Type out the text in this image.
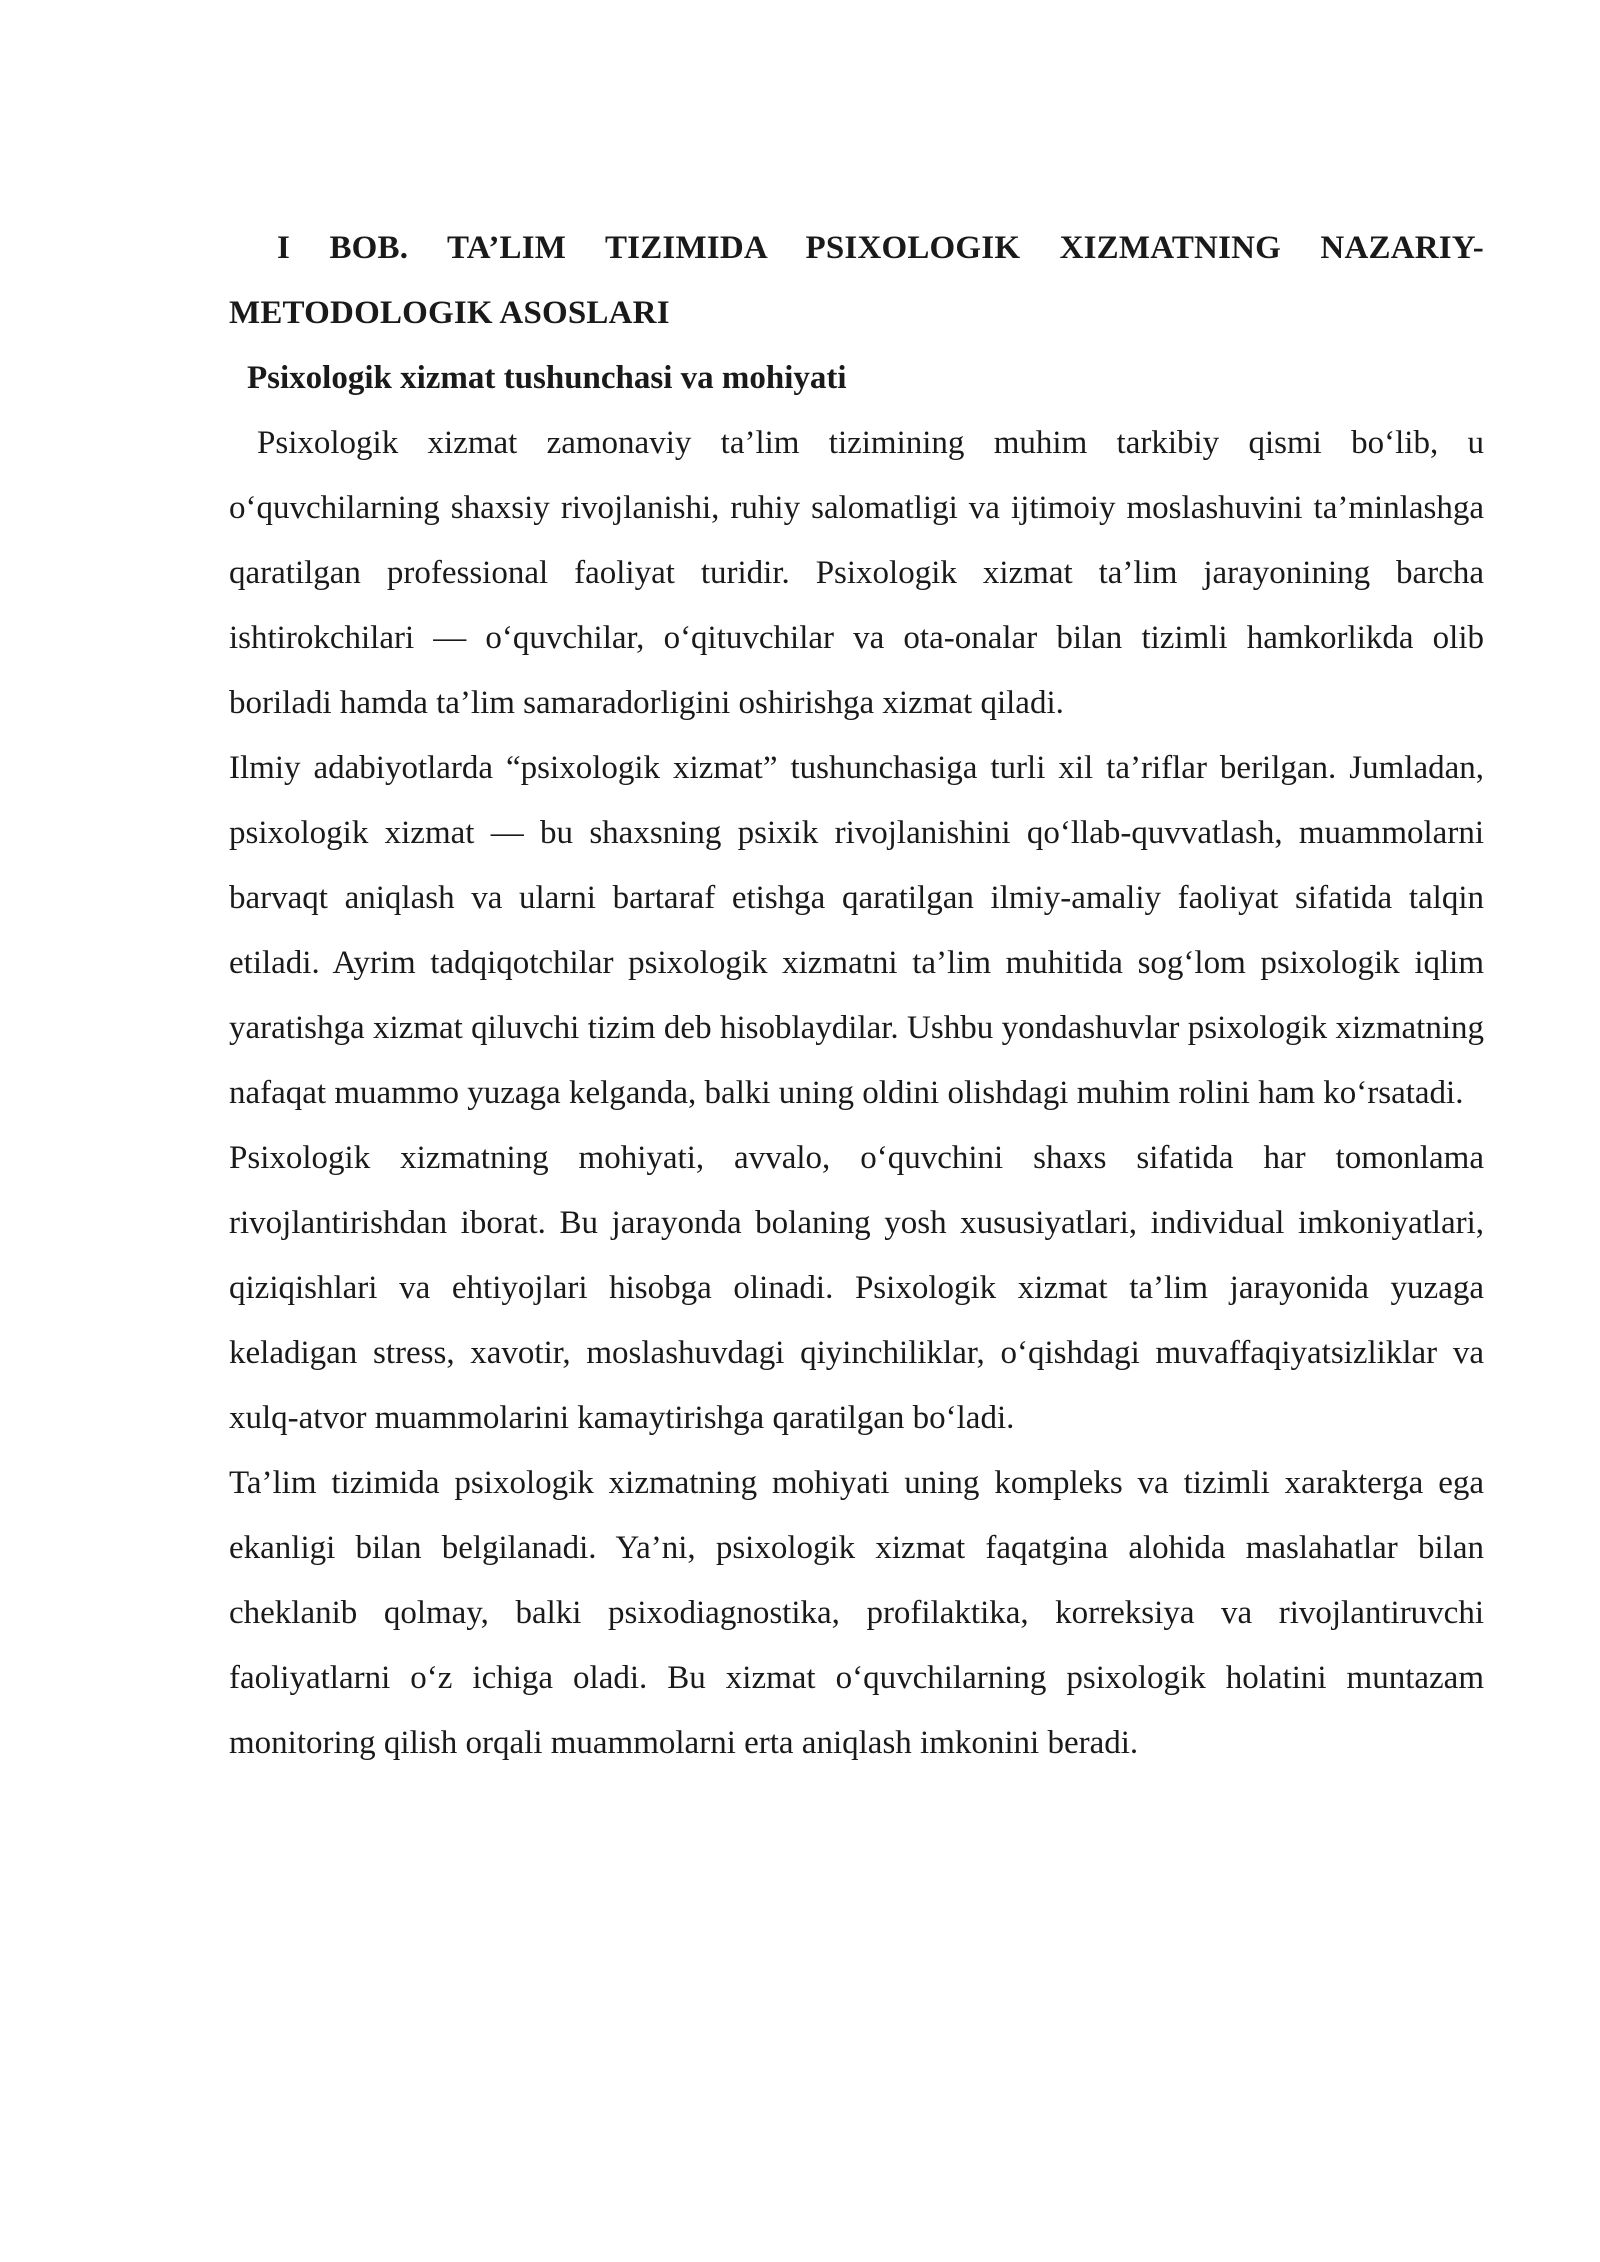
I BOB. TA’LIM TIZIMIDA PSIXOLOGIK XIZMATNING NAZARIY-METODOLOGIK ASOSLARI
Psixologik xizmat tushunchasi va mohiyati

Psixologik xizmat zamonaviy ta’lim tizimining muhim tarkibiy qismi bo‘lib, u o‘quvchilarning shaxsiy rivojlanishi, ruhiy salomatligi va ijtimoiy moslashuvini ta’minlashga qaratilgan professional faoliyat turidir. Psixologik xizmat ta’lim jarayonining barcha ishtirokchilari — o‘quvchilar, o‘qituvchilar va ota-onalar bilan tizimli hamkorlikda olib boriladi hamda ta’lim samaradorligini oshirishga xizmat qiladi.

Ilmiy adabiyotlarda “psixologik xizmat” tushunchasiga turli xil ta’riflar berilgan. Jumladan, psixologik xizmat — bu shaxsning psixik rivojlanishini qo‘llab-quvvatlash, muammolarni barvaqt aniqlash va ularni bartaraf etishga qaratilgan ilmiy-amaliy faoliyat sifatida talqin etiladi. Ayrim tadqiqotchilar psixologik xizmatni ta’lim muhitida sog‘lom psixologik iqlim yaratishga xizmat qiluvchi tizim deb hisoblaydilar. Ushbu yondashuvlar psixologik xizmatning nafaqat muammo yuzaga kelganda, balki uning oldini olishdagi muhim rolini ham ko‘rsatadi.

Psixologik xizmatning mohiyati, avvalo, o‘quvchini shaxs sifatida har tomonlama rivojlantirishdan iborat. Bu jarayonda bolaning yosh xususiyatlari, individual imkoniyatlari, qiziqishlari va ehtiyojlari hisobga olinadi. Psixologik xizmat ta’lim jarayonida yuzaga keladigan stress, xavotir, moslashuvdagi qiyinchiliklar, o‘qishdagi muvaffaqiyatsizliklar va xulq-atvor muammolarini kamaytirishga qaratilgan bo‘ladi.

Ta’lim tizimida psixologik xizmatning mohiyati uning kompleks va tizimli xarakterga ega ekanligi bilan belgilanadi. Ya’ni, psixologik xizmat faqatgina alohida maslahatlar bilan cheklanib qolmay, balki psixodiagnostika, profilaktika, korreksiya va rivojlantiruvchi faoliyatlarni o‘z ichiga oladi. Bu xizmat o‘quvchilarning psixologik holatini muntazam monitoring qilish orqali muammolarni erta aniqlash imkonini beradi.
